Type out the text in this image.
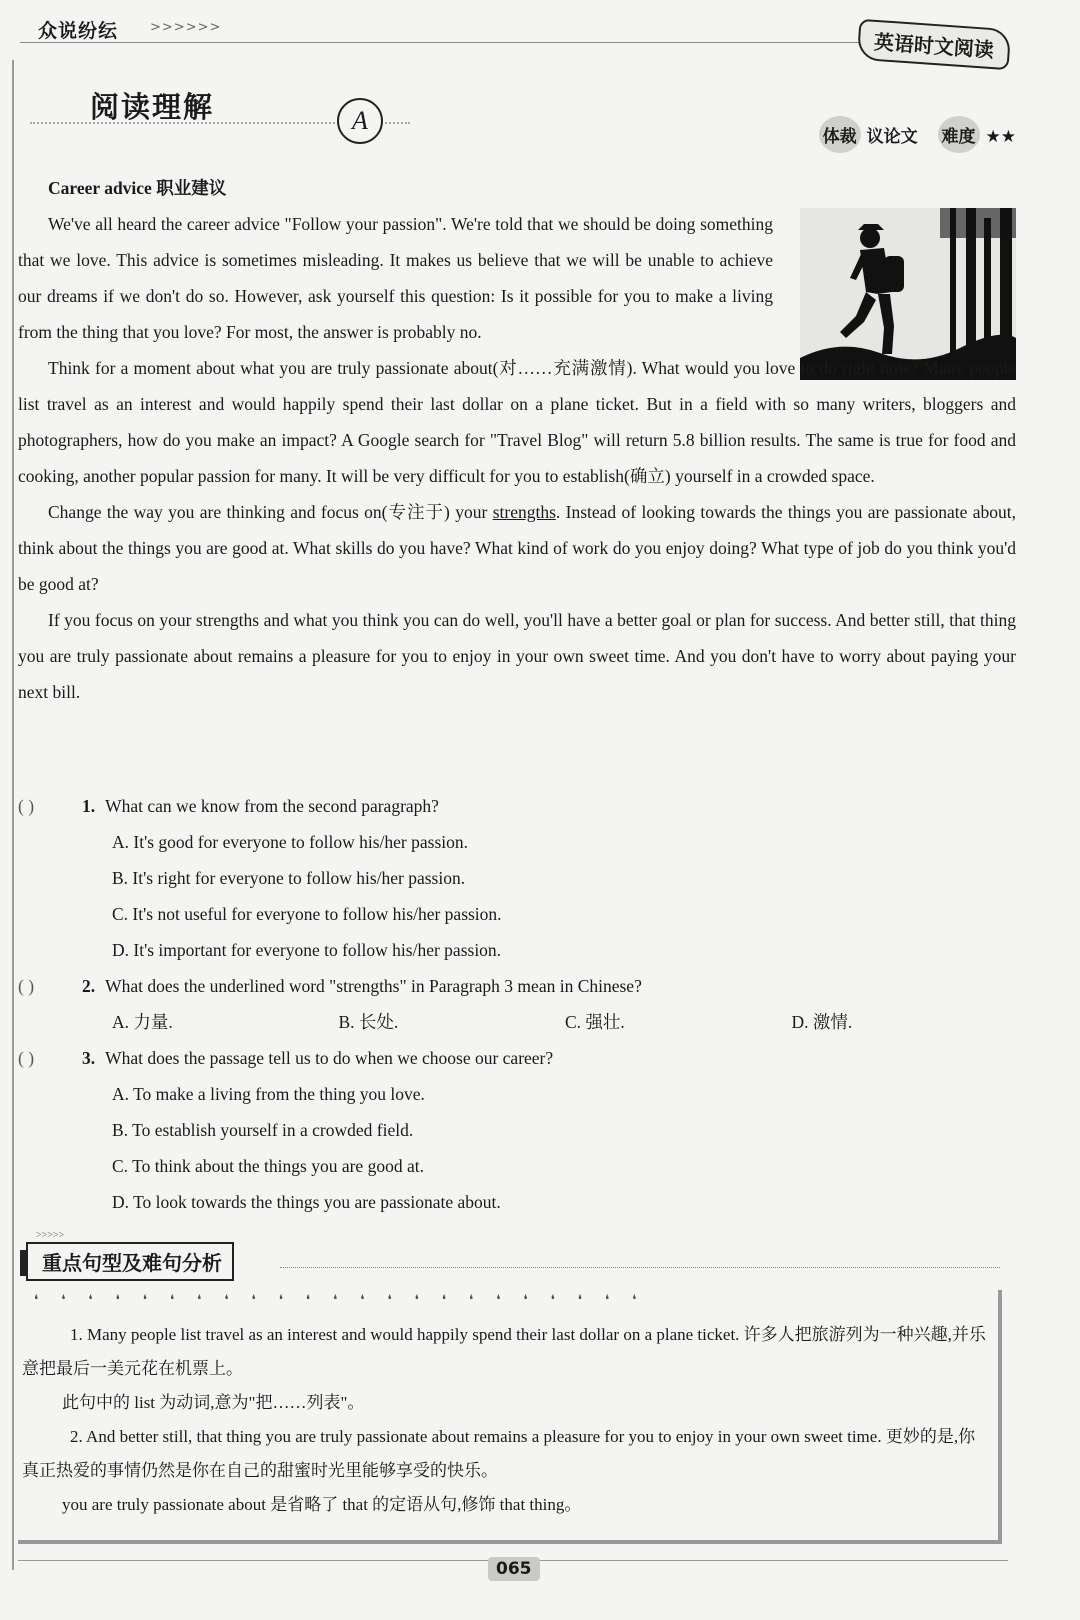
众说纷纭 >>>>>>
英语时文阅读
阅读理解	A
体裁 议论文 难度 ★★
Career advice 职业建议

We've all heard the career advice "Follow your passion". We're told that we should be doing something that we love. This advice is sometimes misleading. It makes us believe that we will be unable to achieve our dreams if we don't do so. However, ask yourself this question: Is it possible for you to make a living from the thing that you love? For most, the answer is probably no.

Think for a moment about what you are truly passionate about(对……充满激情). What would you love to do right now? Many people list travel as an interest and would happily spend their last dollar on a plane ticket. But in a field with so many writers, bloggers and photographers, how do you make an impact? A Google search for "Travel Blog" will return 5.8 billion results. The same is true for food and cooking, another popular passion for many. It will be very difficult for you to establish(确立) yourself in a crowded space.

Change the way you are thinking and focus on(专注于) your strengths. Instead of looking towards the things you are passionate about, think about the things you are good at. What skills do you have? What kind of work do you enjoy doing? What type of job do you think you'd be good at?

If you focus on your strengths and what you think you can do well, you'll have a better goal or plan for success. And better still, that thing you are truly passionate about remains a pleasure for you to enjoy in your own sweet time. And you don't have to worry about paying your next bill.

( )	1. What can we know from the second paragraph?
A. It's good for everyone to follow his/her passion.
B. It's right for everyone to follow his/her passion.
C. It's not useful for everyone to follow his/her passion.
D. It's important for everyone to follow his/her passion.
( )	2. What does the underlined word "strengths" in Paragraph 3 mean in Chinese?
A. 力量.	B. 长处.	C. 强壮.	D. 激情.
( )	3. What does the passage tell us to do when we choose our career?
A. To make a living from the thing you love.
B. To establish yourself in a crowded field.
C. To think about the things you are good at.
D. To look towards the things you are passionate about.
>>>>>
重点句型及难句分析
❛❛❛❛❛❛❛❛❛❛❛❛❛❛❛❛❛❛❛❛❛❛❛

1. Many people list travel as an interest and would happily spend their last dollar on a plane ticket. 许多人把旅游列为一种兴趣,并乐意把最后一美元花在机票上。

此句中的 list 为动词,意为"把……列表"。

2. And better still, that thing you are truly passionate about remains a pleasure for you to enjoy in your own sweet time. 更妙的是,你真正热爱的事情仍然是你在自己的甜蜜时光里能够享受的快乐。

you are truly passionate about 是省略了 that 的定语从句,修饰 that thing。

065
